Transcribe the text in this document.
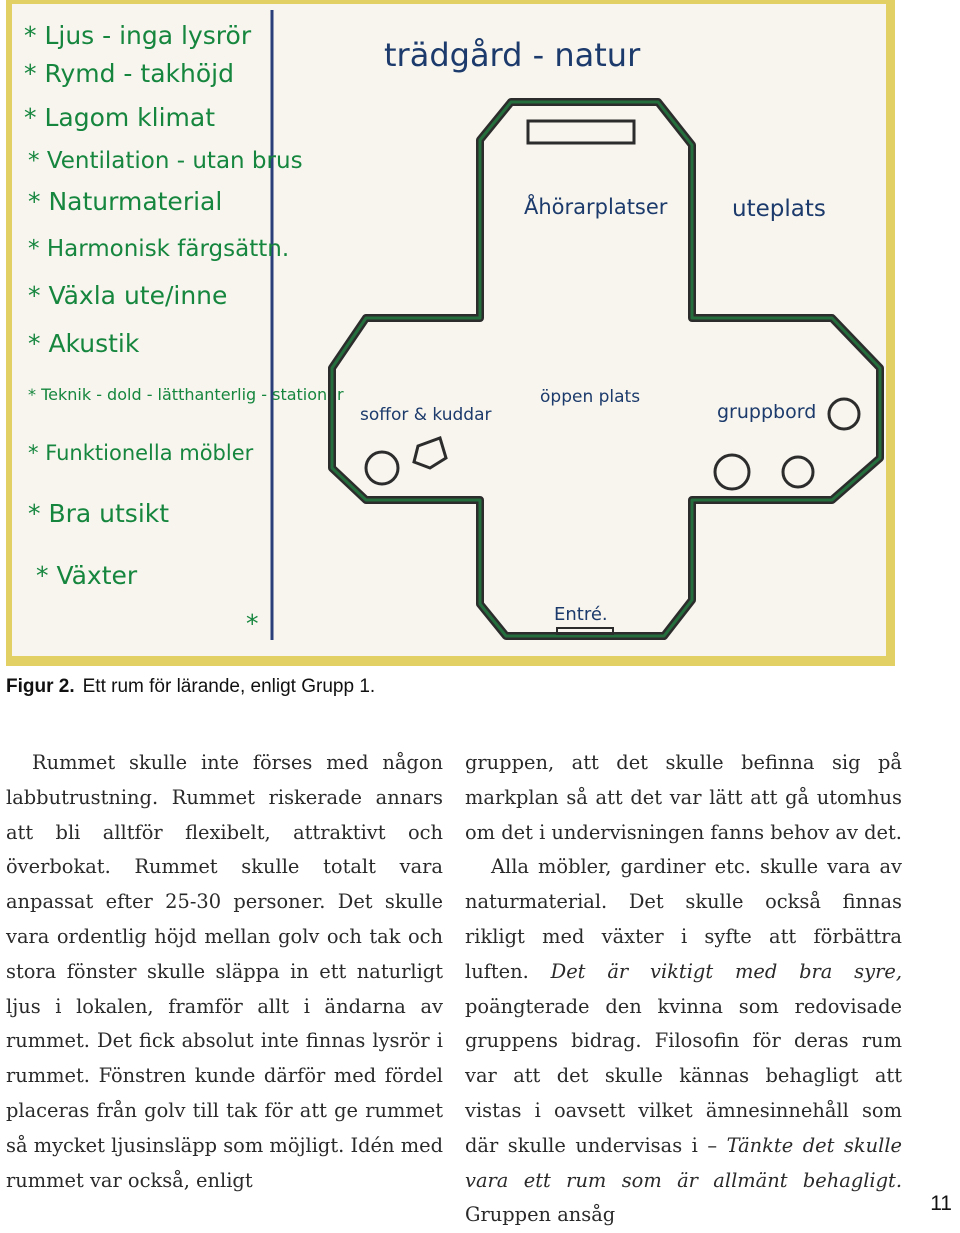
* Ljus - inga lysrör
* Rymd - takhöjd
* Lagom klimat
* Ventilation - utan brus
* Naturmaterial
* Harmonisk färgsättn.
* Växla ute/inne
* Akustik
* Teknik - dold - lätthanterlig - stationär
* Funktionella möbler
* Bra utsikt
* Växter
*
trädgård - natur
Åhörarplatser	uteplats
soffor & kuddar
öppen plats
gruppbord
Entré.
Figur 2. Ett rum för lärande, enligt Grupp 1.

Rummet skulle inte förses med någon labbutrustning. Rummet riskerade annars att bli alltför flexibelt, attraktivt och överbokat. Rummet skulle totalt vara anpassat efter 25-30 personer. Det skulle vara ordentlig höjd mellan golv och tak och stora fönster skulle släppa in ett naturligt ljus i lokalen, framför allt i ändarna av rummet. Det fick absolut inte finnas lysrör i rummet. Fönstren kunde därför med fördel placeras från golv till tak för att ge rummet så mycket ljusinsläpp som möjligt. Idén med rummet var också, enligt

gruppen, att det skulle befinna sig på markplan så att det var lätt att gå utomhus om det i undervisningen fanns behov av det.

Alla möbler, gardiner etc. skulle vara av naturmaterial. Det skulle också finnas rikligt med växter i syfte att förbättra luften. Det är viktigt med bra syre, poängterade den kvinna som redovisade gruppens bidrag. Filosofin för deras rum var att det skulle kännas behagligt att vistas i oavsett vilket ämnesinnehåll som där skulle undervisas i – Tänkte det skulle vara ett rum som är allmänt behagligt. Gruppen ansåg	11
